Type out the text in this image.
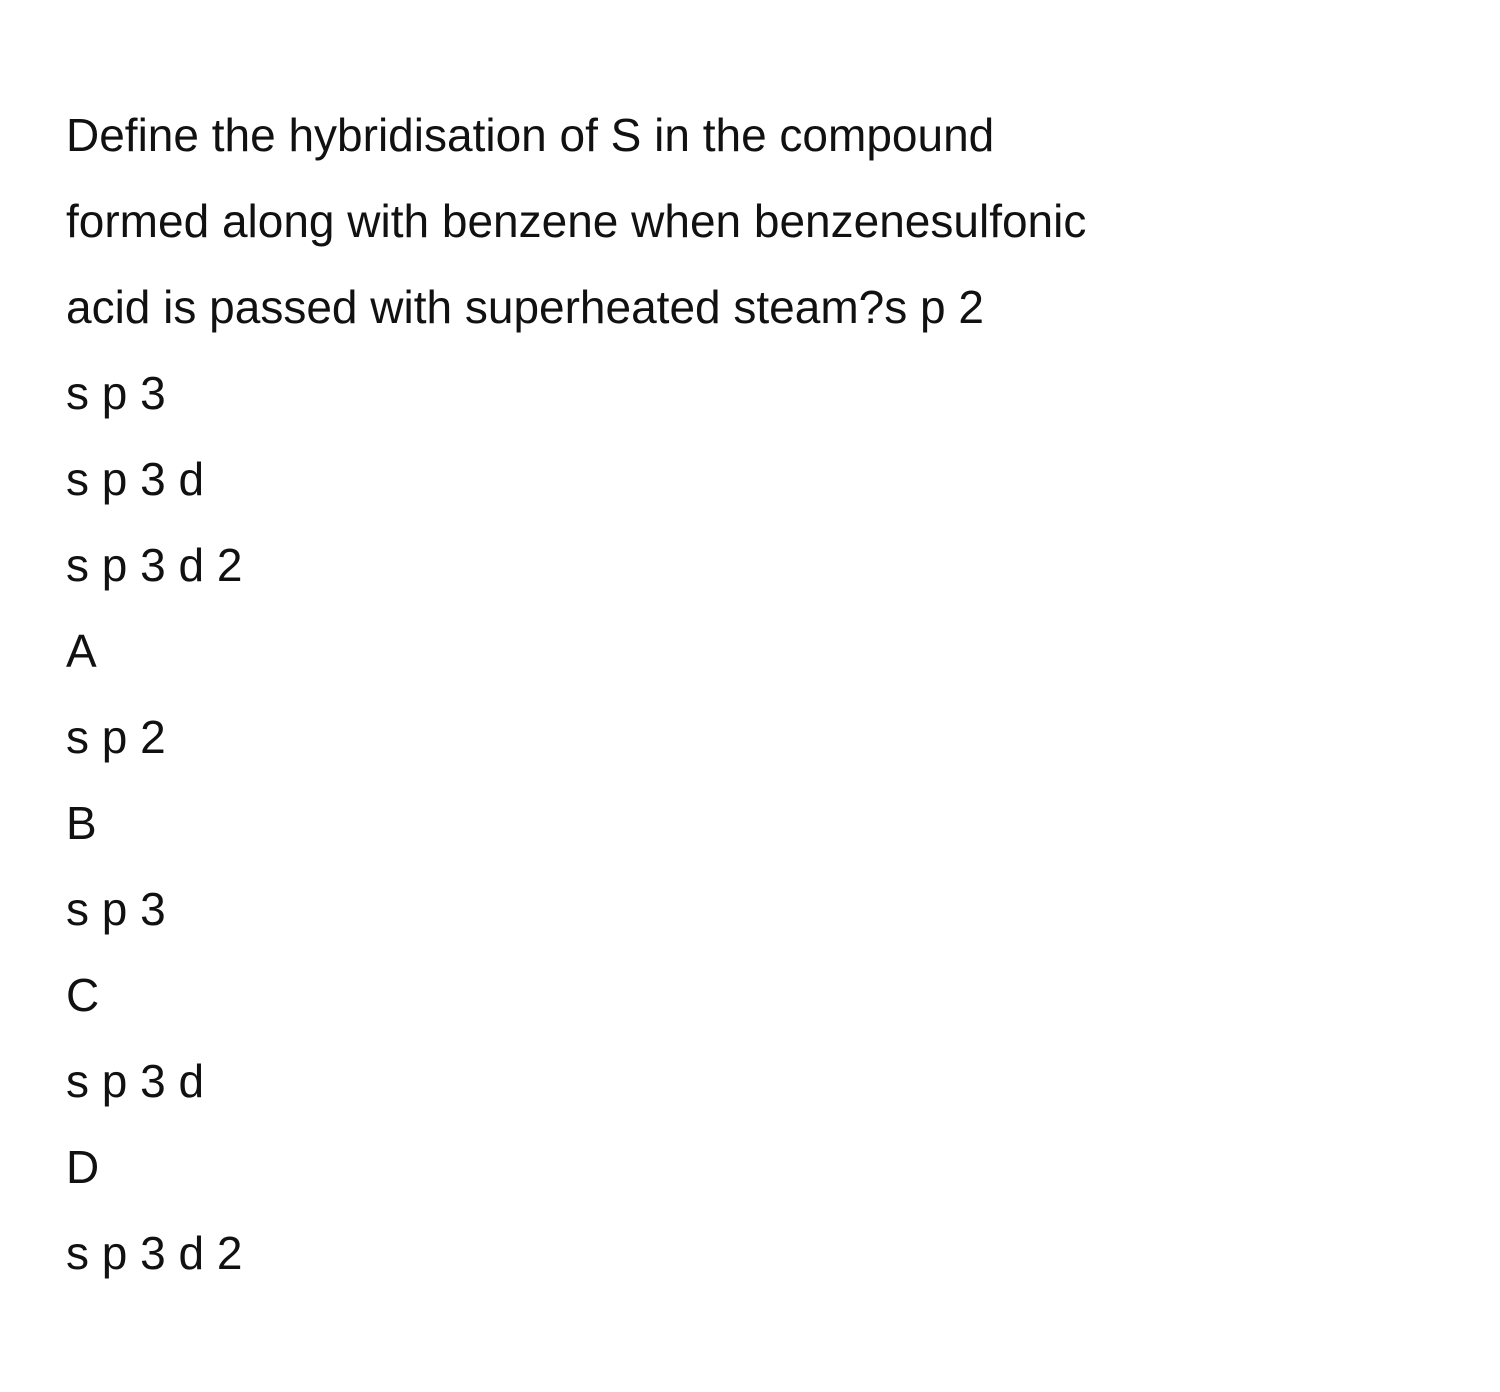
Define the hybridisation of S in the compound
formed along with benzene when benzenesulfonic
acid is passed with superheated steam?s p 2
s p 3
s p 3 d
s p 3 d 2
A
s p 2
B
s p 3
C
s p 3 d
D
s p 3 d 2
